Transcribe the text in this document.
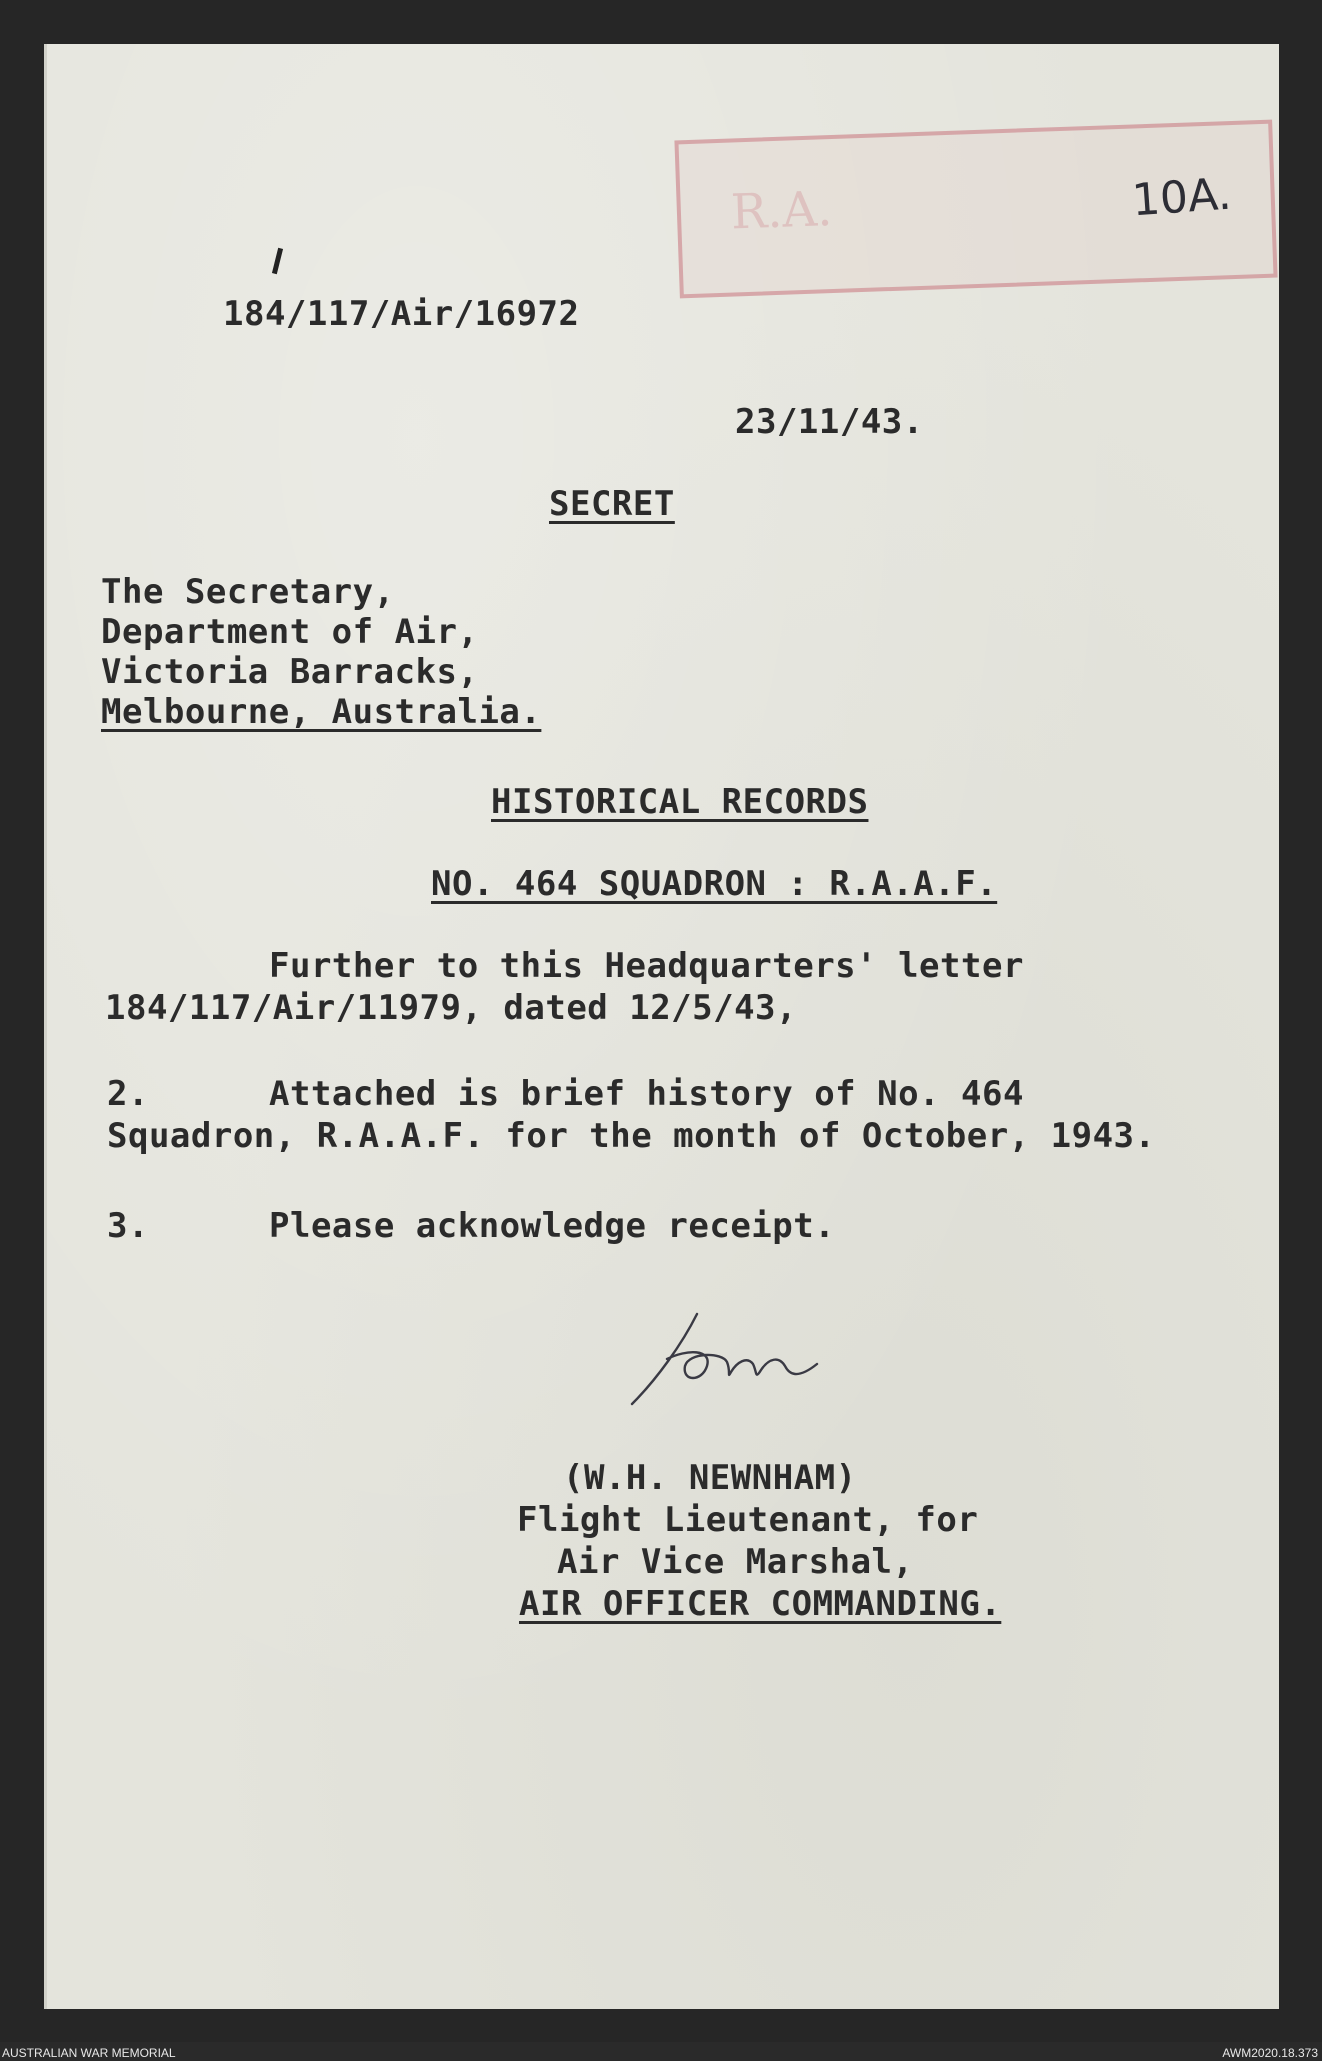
R.A.	10A.
184/117/Air/16972
23/11/43.
SECRET
The Secretary,
Department of Air,
Victoria Barracks,
Melbourne, Australia.
HISTORICAL RECORDS
NO. 464 SQUADRON : R.A.A.F.
Further to this Headquarters' letter
184/117/Air/11979, dated 12/5/43,
2.	Attached is brief history of No. 464
Squadron, R.A.A.F. for the month of October, 1943.
3.	Please acknowledge receipt.
(W.H. NEWNHAM)
Flight Lieutenant, for
Air Vice Marshal,
AIR OFFICER COMMANDING.
AUSTRALIAN WAR MEMORIAL	AWM2020.18.373
